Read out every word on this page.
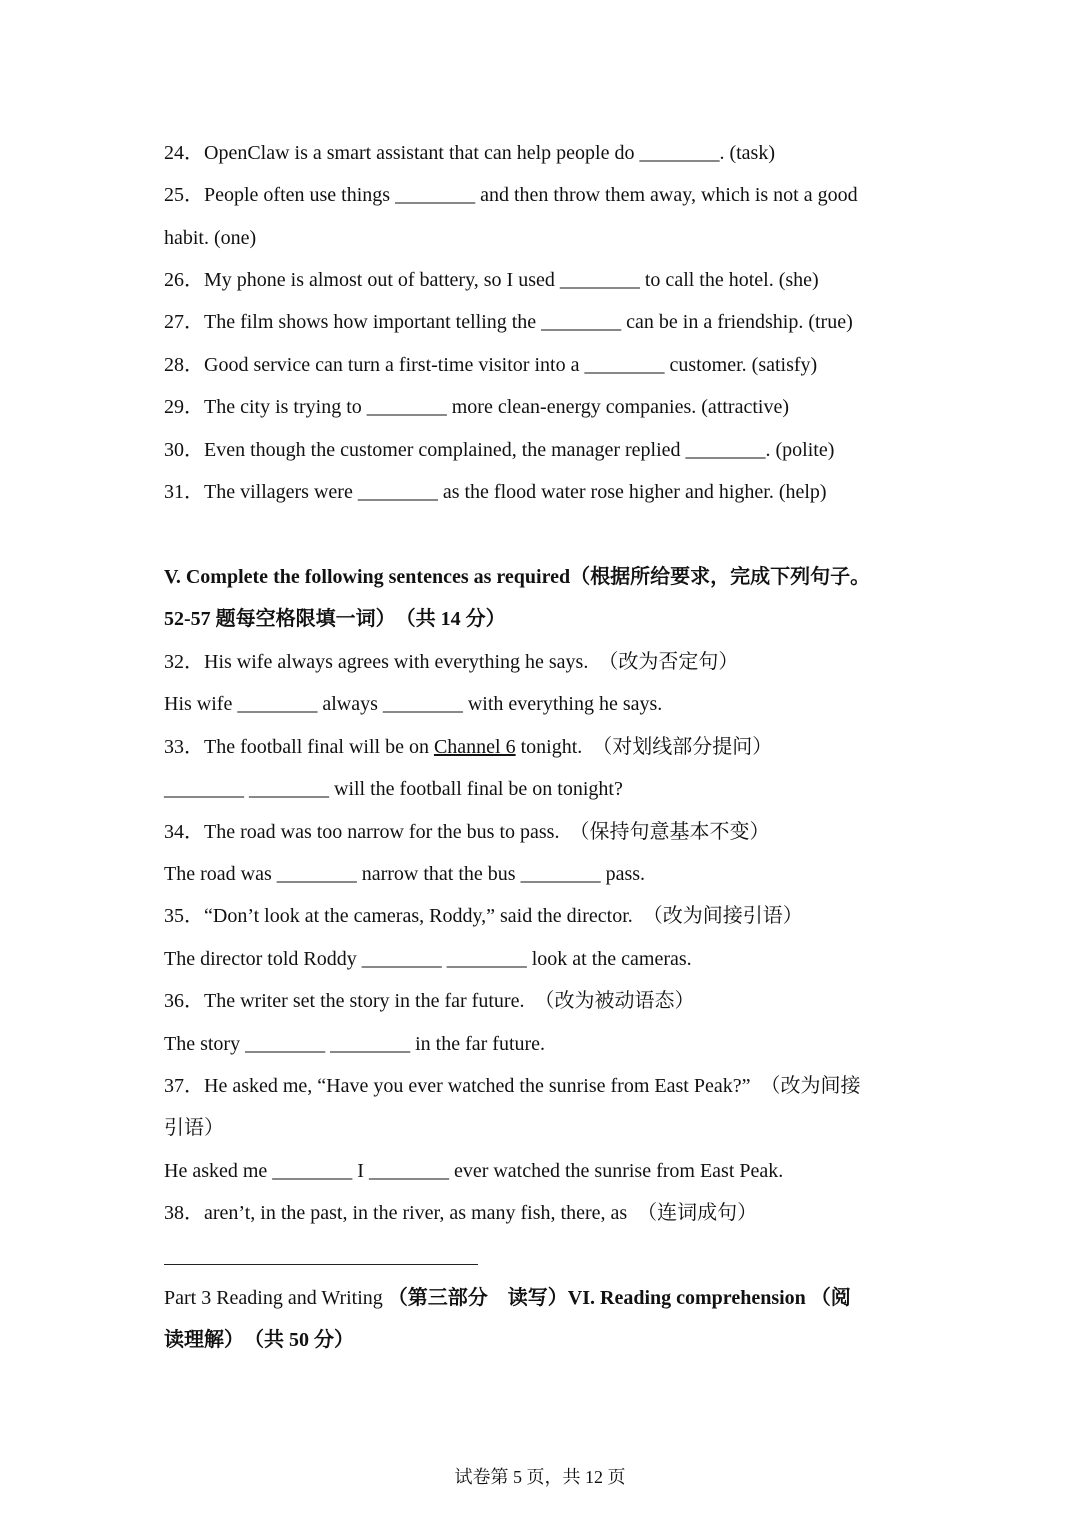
24．OpenClaw is a smart assistant that can help people do ________. (task)
25．People often use things ________ and then throw them away, which is not a good
habit. (one)
26．My phone is almost out of battery, so I used ________ to call the hotel. (she)
27．The film shows how important telling the ________ can be in a friendship. (true)
28．Good service can turn a first-time visitor into a ________ customer. (satisfy)
29．The city is trying to ________ more clean-energy companies. (attractive)
30．Even though the customer complained, the manager replied ________. (polite)
31．The villagers were ________ as the flood water rose higher and higher. (help)
V. Complete the following sentences as required（根据所给要求，完成下列句子。
52-57 题每空格限填一词）　（共 14 分）
32．His wife always agrees with everything he says.　（改为否定句）
His wife ________ always ________ with everything he says.
33．The football final will be on Channel 6 tonight.　（对划线部分提问）
________ ________ will the football final be on tonight?
34．The road was too narrow for the bus to pass.　（保持句意基本不变）
The road was ________ narrow that the bus ________ pass.
35．“Don’t look at the cameras, Roddy,” said the director.　（改为间接引语）
The director told Roddy ________ ________ look at the cameras.
36．The writer set the story in the far future.　（改为被动语态）
The story ________ ________ in the far future.
37．He asked me, “Have you ever watched the sunrise from East Peak?”　（改为间接
引语）
He asked me ________ I ________ ever watched the sunrise from East Peak.
38．aren’t, in the past, in the river, as many fish, there, as　（连词成句）
Part 3 Reading and Writing （第三部分　读写）VI. Reading comprehension （阅
读理解）　（共 50 分）
试卷第 5 页，共 12 页
